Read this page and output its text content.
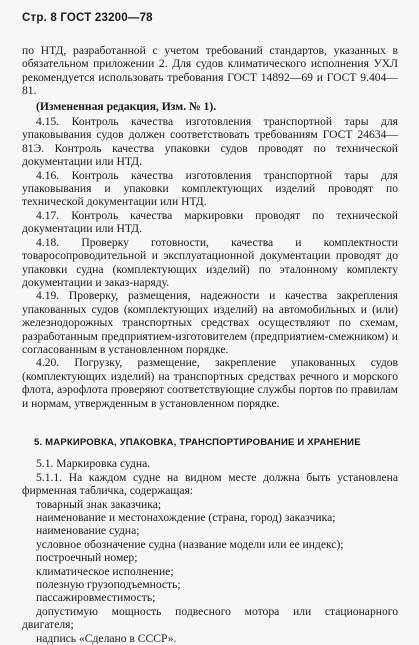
Стр. 8 ГОСТ 23200—78

по НТД, разработанной с учетом требований стандартов, указанных в обязательном приложении 2. Для судов климатического исполнения УХЛ рекомендуется использовать требования ГОСТ 14892—69 и ГОСТ 9.404—81.

(Измененная редакция, Изм. № 1).

4.15. Контроль качества изготовления транспортной тары для упаковывания судов должен соответствовать требованиям ГОСТ 24634—81Э. Контроль качества упаковки судов проводят по технической документации или НТД.

4.16. Контроль качества изготовления транспортной тары для упаковывания и упаковки комплектующих изделий проводят по технической документации или НТД.

4.17. Контроль качества маркировки проводят по технической документации или НТД.

4.18. Проверку готовности, качества и комплектности товаросопроводительной и эксплуатационной документации проводят до упаковки судна (комплектующих изделий) по эталонному комплекту документации и заказ-наряду.

4.19. Проверку, размещения, надежности и качества закрепления упакованных судов (комплектующих изделий) на автомобильных и (или) железнодорожных транспортных средствах осуществляют по схемам, разработанным предприятием-изготовителем (предприятием-смежником) и согласованным в установленном порядке.

4.20. Погрузку, размещение, закрепление упакованных судов (комплектующих изделий) на транспортных средствах речного и морского флота, аэрофлота проверяют соответствующие службы портов по правилам и нормам, утвержденным в установленном порядке.

5. МАРКИРОВКА, УПАКОВКА, ТРАНСПОРТИРОВАНИЕ И ХРАНЕНИЕ

5.1. Маркировка судна.

5.1.1. На каждом судне на видном месте должна быть установлена фирменная табличка, содержащая:

товарный знак заказчика;

наименование и местонахождение (страна, город) заказчика;

наименование судна;

условное обозначение судна (название модели или ее индекс);

построечный номер;

климатическое исполнение;

полезную грузоподъемность;

пассажировместимость;

допустимую мощность подвесного мотора или стационарного двигателя;

надпись «Сделано в СССР».
